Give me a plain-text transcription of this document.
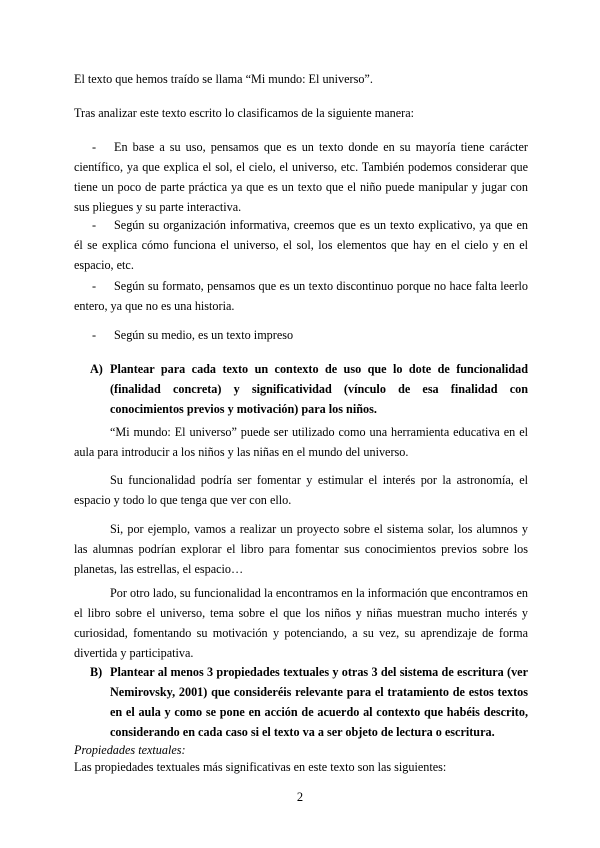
El texto que hemos traído se llama “Mi mundo: El universo”.

Tras analizar este texto escrito lo clasificamos de la siguiente manera:

- En base a su uso, pensamos que es un texto donde en su mayoría tiene carácter científico, ya que explica el sol, el cielo, el universo, etc. También podemos considerar que tiene un poco de parte práctica ya que es un texto que el niño puede manipular y jugar con sus pliegues y su parte interactiva.

- Según su organización informativa, creemos que es un texto explicativo, ya que en él se explica cómo funciona el universo, el sol, los elementos que hay en el cielo y en el espacio, etc.

- Según su formato, pensamos que es un texto discontinuo porque no hace falta leerlo entero, ya que no es una historia.

- Según su medio, es un texto impreso

A) Plantear para cada texto un contexto de uso que lo dote de funcionalidad (finalidad concreta) y significatividad (vínculo de esa finalidad con conocimientos previos y motivación) para los niños.

“Mi mundo: El universo” puede ser utilizado como una herramienta educativa en el aula para introducir a los niños y las niñas en el mundo del universo.

Su funcionalidad podría ser fomentar y estimular el interés por la astronomía, el espacio y todo lo que tenga que ver con ello.

Si, por ejemplo, vamos a realizar un proyecto sobre el sistema solar, los alumnos y las alumnas podrían explorar el libro para fomentar sus conocimientos previos sobre los planetas, las estrellas, el espacio…

Por otro lado, su funcionalidad la encontramos en la información que encontramos en el libro sobre el universo, tema sobre el que los niños y niñas muestran mucho interés y curiosidad, fomentando su motivación y potenciando, a su vez, su aprendizaje de forma divertida y participativa.

B) Plantear al menos 3 propiedades textuales y otras 3 del sistema de escritura (ver Nemirovsky, 2001) que consideréis relevante para el tratamiento de estos textos en el aula y como se pone en acción de acuerdo al contexto que habéis descrito, considerando en cada caso si el texto va a ser objeto de lectura o escritura.

Propiedades textuales:

Las propiedades textuales más significativas en este texto son las siguientes:

2
